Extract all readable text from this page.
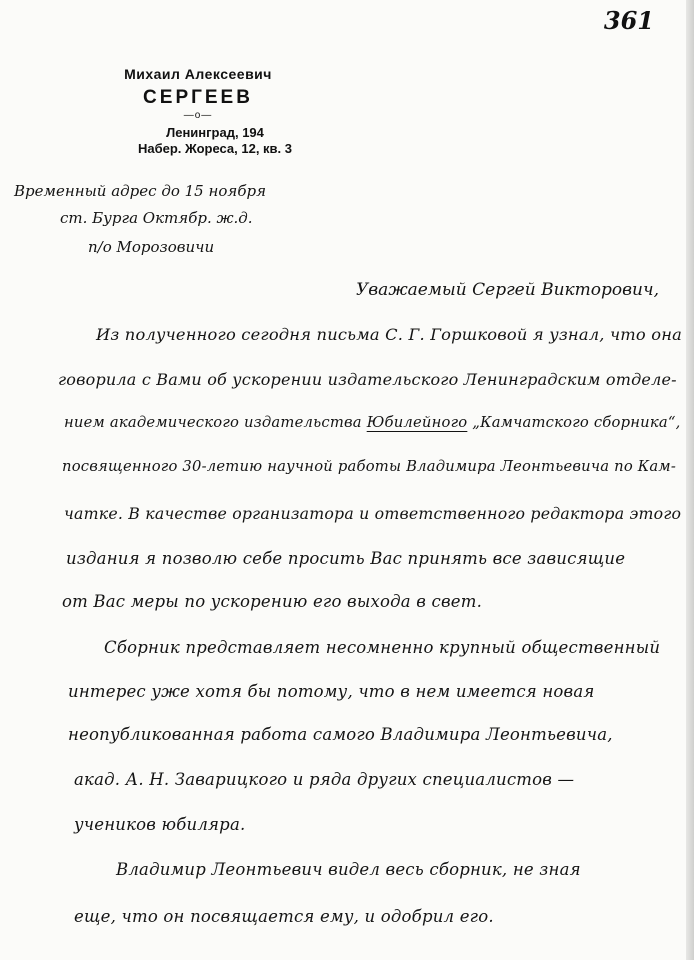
361
Михаил Алексеевич
СЕРГЕЕВ
—o—
Ленинград, 194
Набер. Жореса, 12, кв. 3
Временный адрес до 15 ноября
ст. Бурга Октябр. ж.д.
п/о Морозовичи
Уважаемый Сергей Викторович,
Из полученного сегодня письма С. Г. Горшковой я узнал, что она
говорила с Вами об ускорении издательского Ленинградским отделе-
нием академического издательства Юбилейного „Камчатского сборника“,
посвященного 30-летию научной работы Владимира Леонтьевича по Кам-
чатке. В качестве организатора и ответственного редактора этого
издания я позволю себе просить Вас принять все зависящие
от Вас меры по ускорению его выхода в свет.
Сборник представляет несомненно крупный общественный
интерес уже хотя бы потому, что в нем имеется новая
неопубликованная работа самого Владимира Леонтьевича,
акад. А. Н. Заварицкого и ряда других специалистов —
учеников юбиляра.
Владимир Леонтьевич видел весь сборник, не зная
еще, что он посвящается ему, и одобрил его.
